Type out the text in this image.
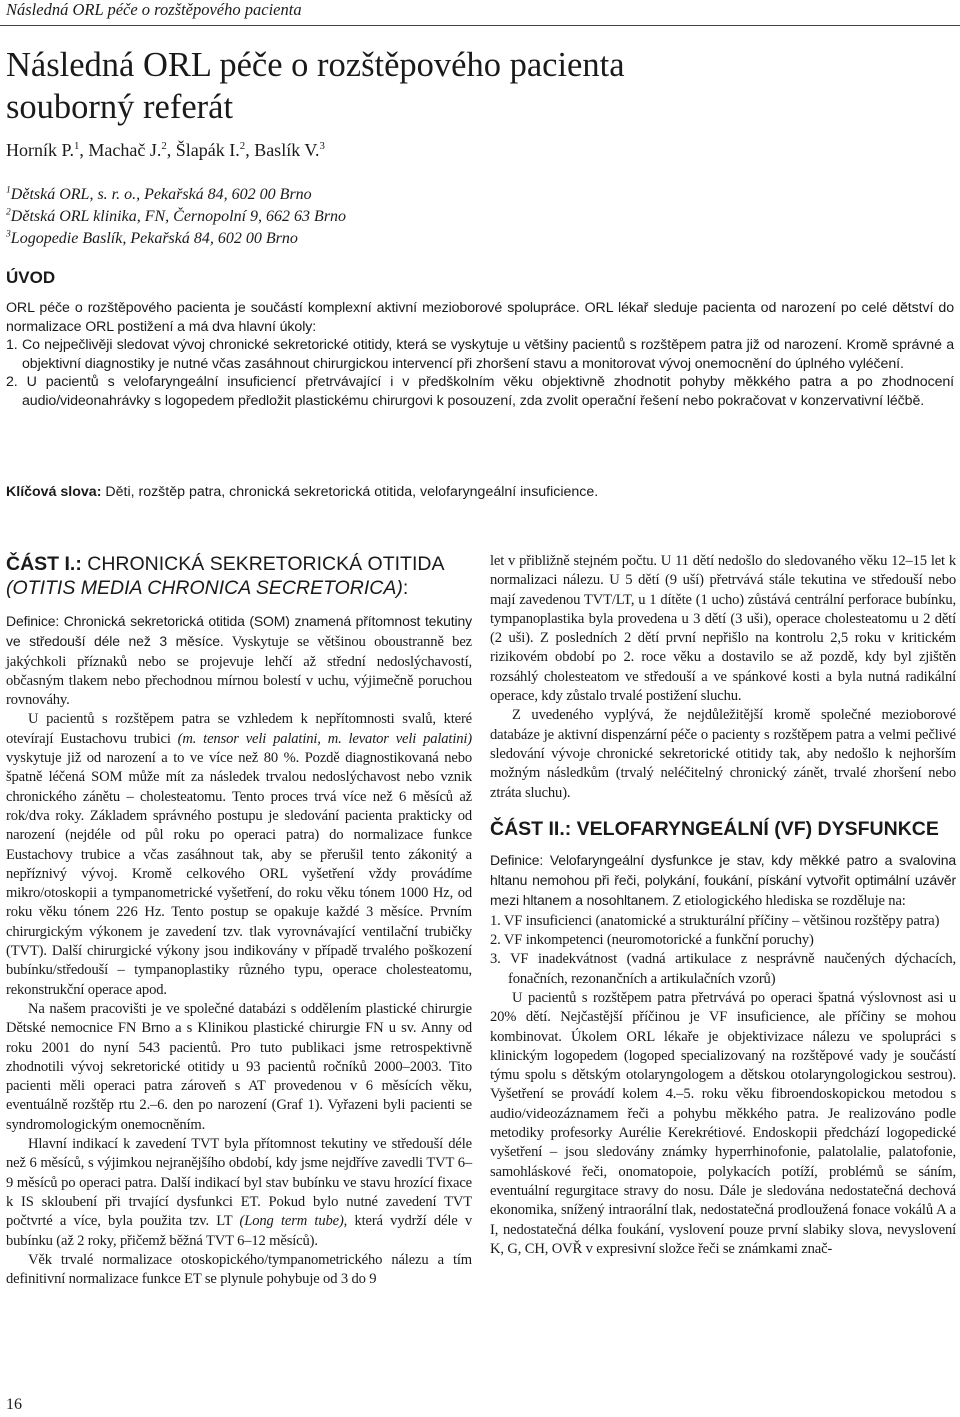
Následná ORL péče o rozštěpového pacienta
Následná ORL péče o rozštěpového pacienta
souborný referát
Horník P.$^1$, Machač J.$^2$, Šlapák I.$^2$, Baslík V.$^3$
$^1$Dětská ORL, s. r. o., Pekařská 84, 602 00 Brno
$^2$Dětská ORL klinika, FN, Černopolní 9, 662 63 Brno
$^3$Logopedie Baslík, Pekařská 84, 602 00 Brno
ÚVOD

ORL péče o rozštěpového pacienta je součástí komplexní aktivní mezioborové spolupráce. ORL lékař sleduje pacienta od narození po celé dětství do normalizace ORL postižení a má dva hlavní úkoly:

1. Co nejpečlivěji sledovat vývoj chronické sekretorické otitidy, která se vyskytuje u většiny pacientů s rozštěpem patra již od narození. Kromě správné a objektivní diagnostiky je nutné včas zasáhnout chirurgickou intervencí při zhoršení stavu a monitorovat vývoj onemocnění do úplného vyléčení.

2. U pacientů s velofaryngeální insuficiencí přetrvávající i v předškolním věku objektivně zhodnotit pohyby měkkého patra a po zhodnocení audio/videonahrávky s logopedem předložit plastickému chirurgovi k posouzení, zda zvolit operační řešení nebo pokračovat v konzervativní léčbě.

Klíčová slova: Děti, rozštěp patra, chronická sekretorická otitida, velofaryngeální insuficience.
ČÁST I.: CHRONICKÁ SEKRETORICKÁ OTITIDA
(OTITIS MEDIA CHRONICA SECRETORICA):

Definice: Chronická sekretorická otitida (SOM) znamená přítomnost tekutiny ve středouší déle než 3 měsíce. Vyskytuje se většinou oboustranně bez jakýchkoli příznaků nebo se projevuje lehčí až střední nedoslýchavostí, občasným tlakem nebo přechodnou mírnou bolestí v uchu, výjimečně poruchou rovnováhy.

U pacientů s rozštěpem patra se vzhledem k nepřítomnosti svalů, které otevírají Eustachovu trubici (m. tensor veli palatini, m. levator veli palatini) vyskytuje již od narození a to ve více než 80 %. Pozdě diagnostikovaná nebo špatně léčená SOM může mít za následek trvalou nedoslýchavost nebo vznik chronického zánětu – cholesteatomu. Tento proces trvá více než 6 měsíců až rok/dva roky. Základem správného postupu je sledování pacienta prakticky od narození (nejdéle od půl roku po operaci patra) do normalizace funkce Eustachovy trubice a včas zasáhnout tak, aby se přerušil tento zákonitý a nepříznivý vývoj. Kromě celkového ORL vyšetření vždy provádíme mikro/otoskopii a tympanometrické vyšetření, do roku věku tónem 1000 Hz, od roku věku tónem 226 Hz. Tento postup se opakuje každé 3 měsíce. Prvním chirurgickým výkonem je zavedení tzv. tlak vyrovnávající ventilační trubičky (TVT). Další chirurgické výkony jsou indikovány v případě trvalého poškození bubínku/středouší – tympanoplastiky různého typu, operace cholesteatomu, rekonstrukční operace apod.

Na našem pracovišti je ve společné databázi s oddělením plastické chirurgie Dětské nemocnice FN Brno a s Klinikou plastické chirurgie FN u sv. Anny od roku 2001 do nyní 543 pacientů. Pro tuto publikaci jsme retrospektivně zhodnotili vývoj sekretorické otitidy u 93 pacientů ročníků 2000–2003. Tito pacienti měli operaci patra zároveň s AT provedenou v 6 měsících věku, eventuálně rozštěp rtu 2.–6. den po narození (Graf 1). Vyřazeni byli pacienti se syndromologickým onemocněním.

Hlavní indikací k zavedení TVT byla přítomnost tekutiny ve středouší déle než 6 měsíců, s výjimkou nejranějšího období, kdy jsme nejdříve zavedli TVT 6–9 měsíců po operaci patra. Další indikací byl stav bubínku ve stavu hrozící fixace k IS skloubení při trvající dysfunkci ET. Pokud bylo nutné zavedení TVT počtvrté a více, byla použita tzv. LT (Long term tube), která vydrží déle v bubínku (až 2 roky, přičemž běžná TVT 6–12 měsíců).

Věk trvalé normalizace otoskopického/tympanometrického nálezu a tím definitivní normalizace funkce ET se plynule pohybuje od 3 do 9

let v přibližně stejném počtu. U 11 dětí nedošlo do sledovaného věku 12–15 let k normalizaci nálezu. U 5 dětí (9 uší) přetrvává stále tekutina ve středouší nebo mají zavedenou TVT/LT, u 1 dítěte (1 ucho) zůstává centrální perforace bubínku, tympanoplastika byla provedena u 3 dětí (3 uši), operace cholesteatomu u 2 dětí (2 uši). Z posledních 2 dětí první nepřišlo na kontrolu 2,5 roku v kritickém rizikovém období po 2. roce věku a dostavilo se až pozdě, kdy byl zjištěn rozsáhlý cholesteatom ve středouší a ve spánkové kosti a byla nutná radikální operace, kdy zůstalo trvalé postižení sluchu.

Z uvedeného vyplývá, že nejdůležitější kromě společné mezioborové databáze je aktivní dispenzární péče o pacienty s rozštěpem patra a velmi pečlivé sledování vývoje chronické sekretorické otitidy tak, aby nedošlo k nejhorším možným následkům (trvalý neléčitelný chronický zánět, trvalé zhoršení nebo ztráta sluchu).

ČÁST II.: VELOFARYNGEÁLNÍ (VF) DYSFUNKCE

Definice: Velofaryngeální dysfunkce je stav, kdy měkké patro a svalovina hltanu nemohou při řeči, polykání, foukání, pískání vytvořit optimální uzávěr mezi hltanem a nosohltanem. Z etiologického hlediska se rozděluje na:

1. VF insuficienci (anatomické a strukturální příčiny – většinou rozštěpy patra)

2. VF inkompetenci (neuromotorické a funkční poruchy)

3. VF inadekvátnost (vadná artikulace z nesprávně naučených dýchacích, fonačních, rezonančních a artikulačních vzorů)

U pacientů s rozštěpem patra přetrvává po operaci špatná výslovnost asi u 20% dětí. Nejčastější příčinou je VF insuficience, ale příčiny se mohou kombinovat. Úkolem ORL lékaře je objektivizace nálezu ve spolupráci s klinickým logopedem (logoped specializovaný na rozštěpové vady je součástí týmu spolu s dětským otolaryngologem a dětskou otolaryngologickou sestrou). Vyšetření se provádí kolem 4.–5. roku věku fibroendoskopickou metodou s audio/videozáznamem řeči a pohybu měkkého patra. Je realizováno podle metodiky profesorky Aurélie Kerekrétiové. Endoskopii předchází logopedické vyšetření – jsou sledovány známky hyperrhinofonie, palatolalie, palatofonie, samohláskové řeči, onomatopoie, polykacích potíží, problémů se sáním, eventuální regurgitace stravy do nosu. Dále je sledována nedostatečná dechová ekonomika, snížený intraorální tlak, nedostatečná prodloužená fonace vokálů A a I, nedostatečná délka foukání, vyslovení pouze první slabiky slova, nevyslovení K, G, CH, OVŘ v expresivní složce řeči se známkami znač-

16
